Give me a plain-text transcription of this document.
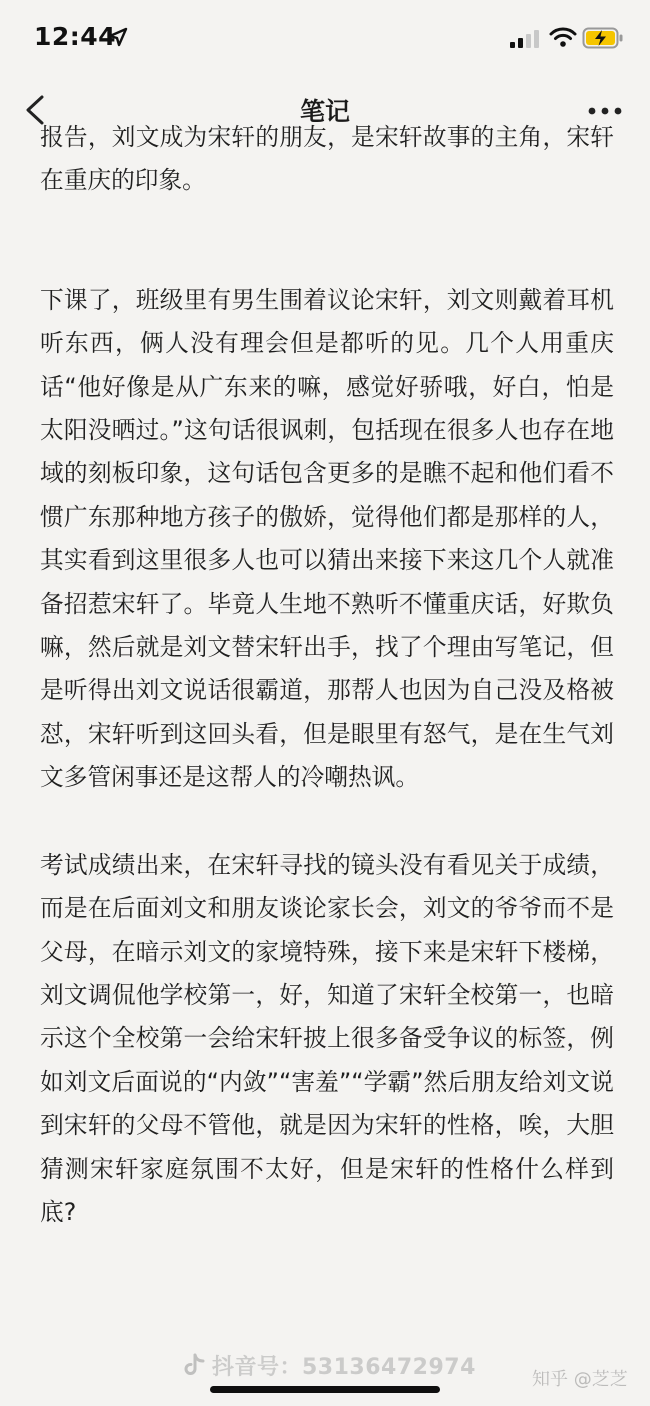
12:44
笔记

报告，刘文成为宋轩的朋友，是宋轩故事的主角，宋轩在重庆的印象。

下课了，班级里有男生围着议论宋轩，刘文则戴着耳机听东西，俩人没有理会但是都听的见。几个人用重庆话“他好像是从广东来的嘛，感觉好骄哦，好白，怕是太阳没晒过。”这句话很讽刺，包括现在很多人也存在地域的刻板印象，这句话包含更多的是瞧不起和他们看不惯广东那种地方孩子的傲娇，觉得他们都是那样的人，其实看到这里很多人也可以猜出来接下来这几个人就准备招惹宋轩了。毕竟人生地不熟听不懂重庆话，好欺负嘛，然后就是刘文替宋轩出手，找了个理由写笔记，但是听得出刘文说话很霸道，那帮人也因为自己没及格被怼，宋轩听到这回头看，但是眼里有怒气，是在生气刘文多管闲事还是这帮人的冷嘲热讽。

考试成绩出来，在宋轩寻找的镜头没有看见关于成绩，而是在后面刘文和朋友谈论家长会，刘文的爷爷而不是父母，在暗示刘文的家境特殊，接下来是宋轩下楼梯，刘文调侃他学校第一，好，知道了宋轩全校第一，也暗示这个全校第一会给宋轩披上很多备受争议的标签，例如刘文后面说的“内敛”“害羞”“学霸”然后朋友给刘文说到宋轩的父母不管他，就是因为宋轩的性格，唉，大胆猜测宋轩家庭氛围不太好，但是宋轩的性格什么样到底?

抖音号：53136472974	知乎 @芝芝
